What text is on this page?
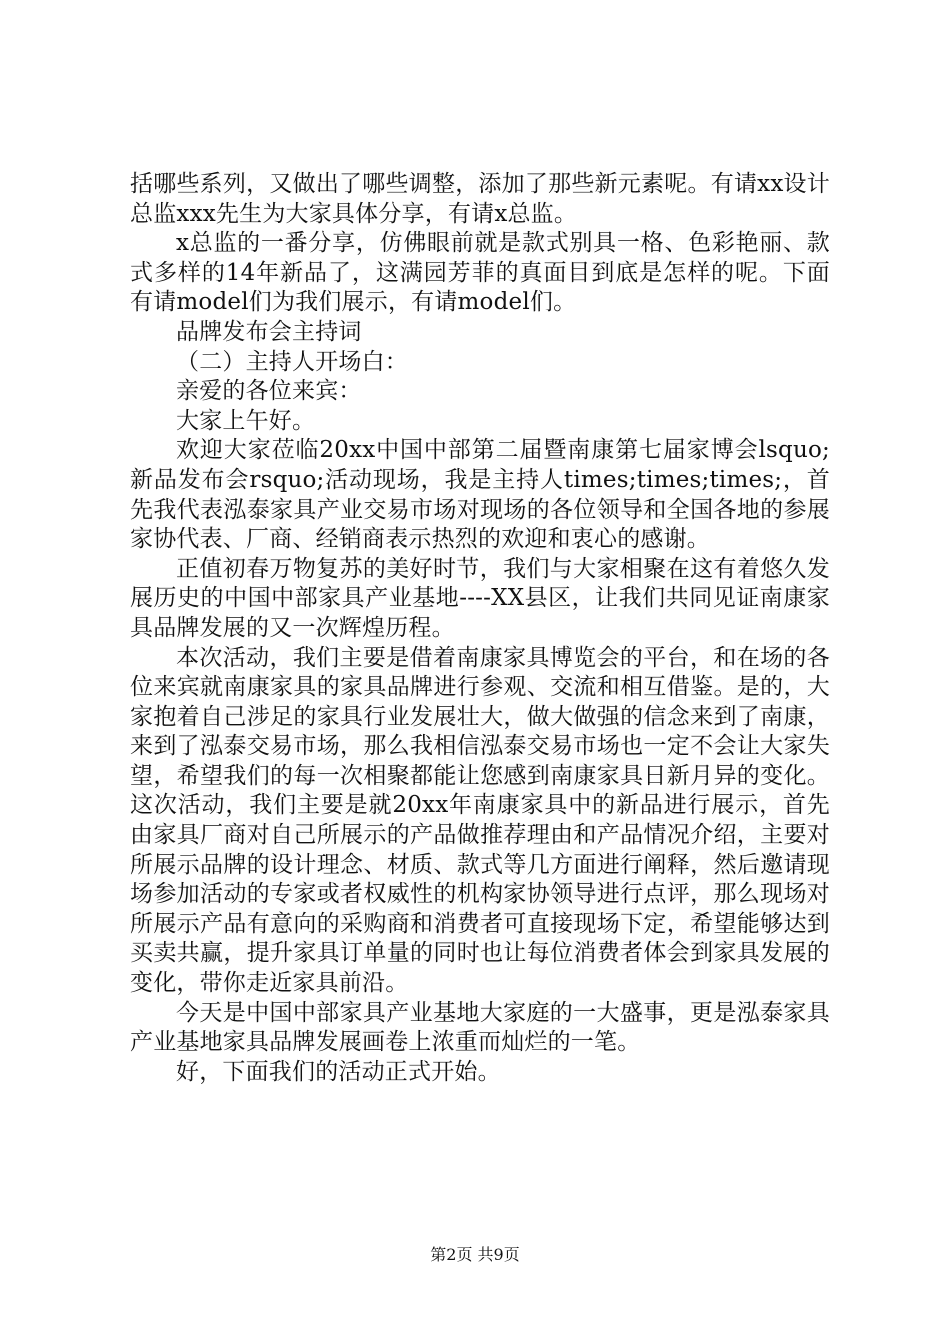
括哪些系列，又做出了哪些调整，添加了那些新元素呢。有请xx设计总监xxx先生为大家具体分享，有请x总监。

x总监的一番分享，仿佛眼前就是款式别具一格、色彩艳丽、款式多样的14年新品了，这满园芳菲的真面目到底是怎样的呢。下面有请model们为我们展示，有请model们。

品牌发布会主持词

（二）主持人开场白：

亲爱的各位来宾：

大家上午好。

欢迎大家莅临20xx中国中部第二届暨南康第七届家博会lsquo;新品发布会rsquo;活动现场，我是主持人times;times;times;，首先我代表泓泰家具产业交易市场对现场的各位领导和全国各地的参展家协代表、厂商、经销商表示热烈的欢迎和衷心的感谢。

正值初春万物复苏的美好时节，我们与大家相聚在这有着悠久发展历史的中国中部家具产业基地----XX县区，让我们共同见证南康家具品牌发展的又一次辉煌历程。

本次活动，我们主要是借着南康家具博览会的平台，和在场的各位来宾就南康家具的家具品牌进行参观、交流和相互借鉴。是的，大家抱着自己涉足的家具行业发展壮大，做大做强的信念来到了南康，来到了泓泰交易市场，那么我相信泓泰交易市场也一定不会让大家失望，希望我们的每一次相聚都能让您感到南康家具日新月异的变化。这次活动，我们主要是就20xx年南康家具中的新品进行展示，首先由家具厂商对自己所展示的产品做推荐理由和产品情况介绍，主要对所展示品牌的设计理念、材质、款式等几方面进行阐释，然后邀请现场参加活动的专家或者权威性的机构家协领导进行点评，那么现场对所展示产品有意向的采购商和消费者可直接现场下定，希望能够达到买卖共赢，提升家具订单量的同时也让每位消费者体会到家具发展的变化，带你走近家具前沿。

今天是中国中部家具产业基地大家庭的一大盛事，更是泓泰家具产业基地家具品牌发展画卷上浓重而灿烂的一笔。

好，下面我们的活动正式开始。

第2页 共9页
